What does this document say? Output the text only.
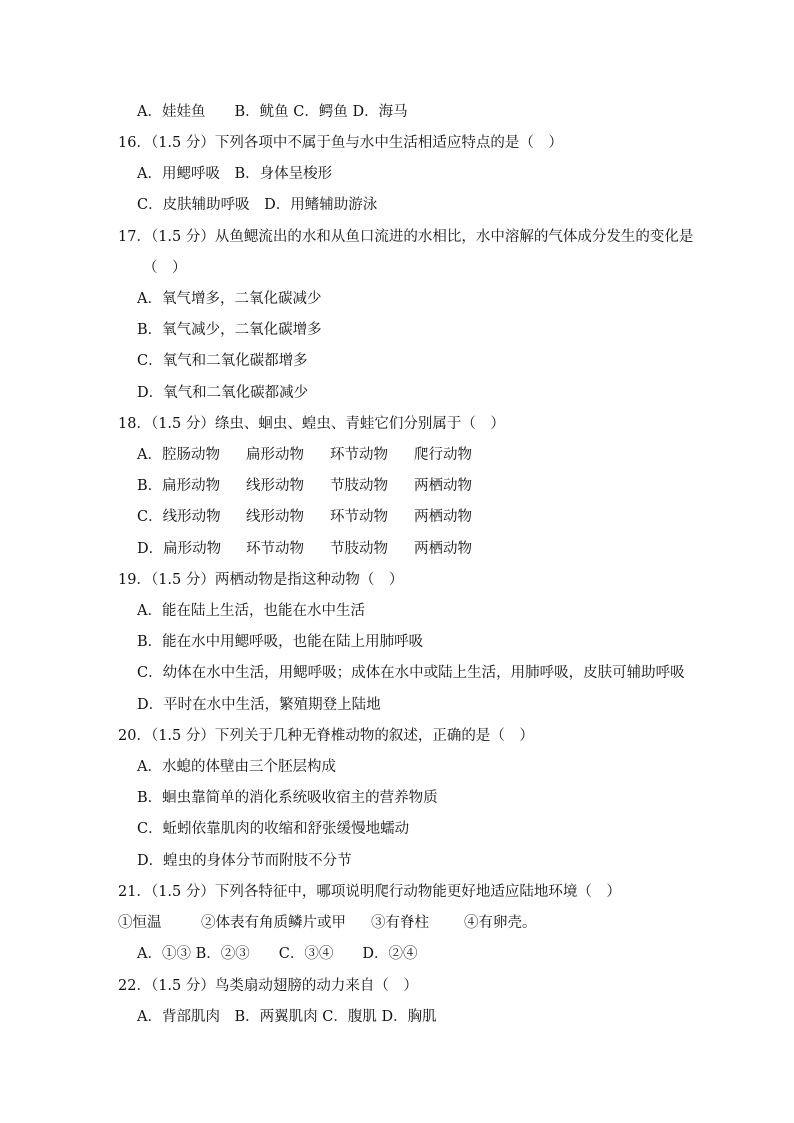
A．娃娃鱼　　B．鱿鱼 C．鳄鱼 D．海马
16．（1.5 分）下列各项中不属于鱼与水中生活相适应特点的是（　）
A．用鳃呼吸　B．身体呈梭形
C．皮肤辅助呼吸　D．用鳍辅助游泳
17．（1.5 分）从鱼鳃流出的水和从鱼口流进的水相比，水中溶解的气体成分发生的变化是
（　）
A．氧气增多，二氧化碳减少
B．氧气减少，二氧化碳增多
C．氧气和二氧化碳都增多
D．氧气和二氧化碳都减少
18．（1.5 分）绦虫、蛔虫、蝗虫、青蛙它们分别属于（　）
A．腔肠动物 扁形动物 环节动物 爬行动物
B．扁形动物 线形动物 节肢动物 两栖动物
C．线形动物 线形动物 环节动物 两栖动物
D．扁形动物 环节动物 节肢动物 两栖动物
19．（1.5 分）两栖动物是指这种动物（　）
A．能在陆上生活，也能在水中生活
B．能在水中用鳃呼吸，也能在陆上用肺呼吸
C．幼体在水中生活，用鳃呼吸；成体在水中或陆上生活，用肺呼吸，皮肤可辅助呼吸
D．平时在水中生活，繁殖期登上陆地
20．（1.5 分）下列关于几种无脊椎动物的叙述，正确的是（　）
A．水螅的体壁由三个胚层构成
B．蛔虫靠简单的消化系统吸收宿主的营养物质
C．蚯蚓依靠肌肉的收缩和舒张缓慢地蠕动
D．蝗虫的身体分节而附肢不分节
21．（1.5 分）下列各特征中，哪项说明爬行动物能更好地适应陆地环境（　）
①恒温	②体表有角质鳞片或甲 ③有脊柱 ④有卵壳。
A．①③ B．②③　　C．③④　　D．②④
22．（1.5 分）鸟类扇动翅膀的动力来自（　）
A．背部肌肉　B．两翼肌肉 C．腹肌 D．胸肌
